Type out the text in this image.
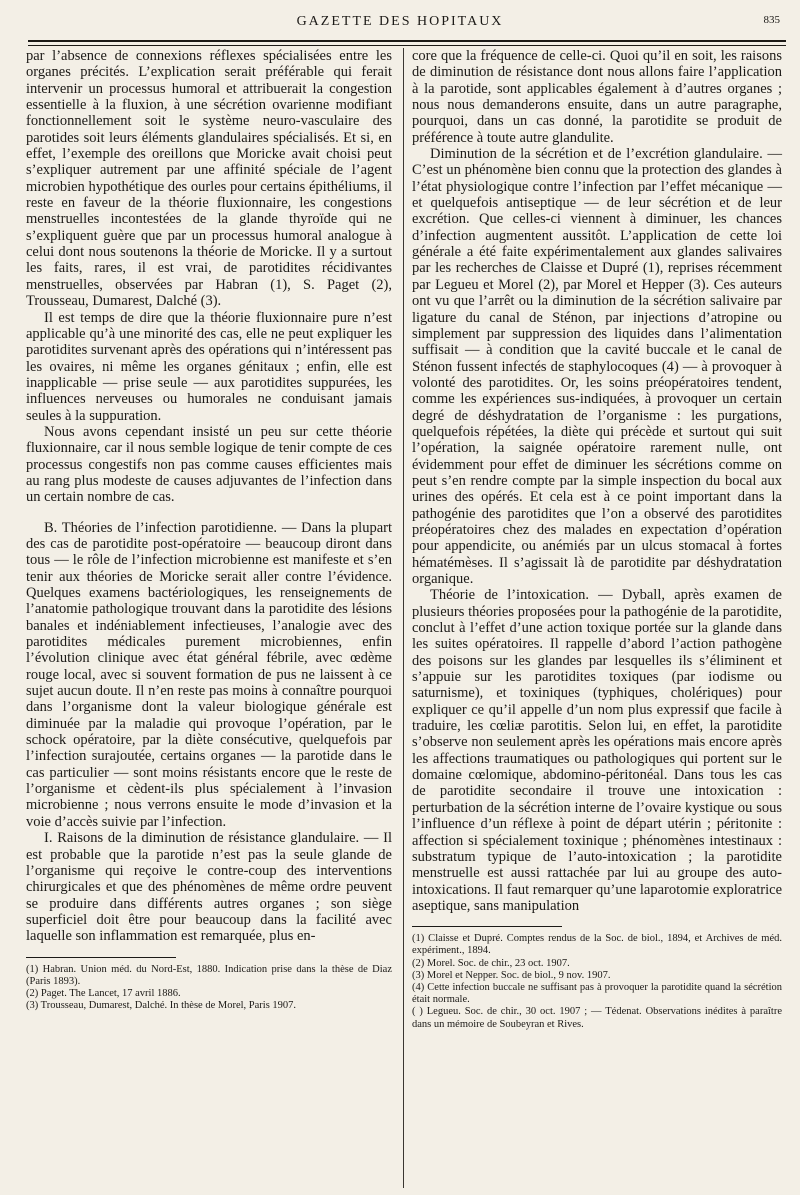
GAZETTE DES HOPITAUX	835

par l’absence de connexions réflexes spécialisées entre les organes précités. L’explication serait préférable qui ferait intervenir un processus humoral et attribuerait la congestion essentielle à la fluxion, à une sécrétion ovarienne modifiant fonctionnellement soit le système neuro-vasculaire des parotides soit leurs éléments glandulaires spécialisés. Et si, en effet, l’exemple des oreillons que Moricke avait choisi peut s’expliquer autrement par une affinité spéciale de l’agent microbien hypothétique des ourles pour certains épithéliums, il reste en faveur de la théorie fluxionnaire, les congestions menstruelles incontestées de la glande thyroïde qui ne s’expliquent guère que par un processus humoral analogue à celui dont nous soutenons la théorie de Moricke. Il y a surtout les faits, rares, il est vrai, de parotidites récidivantes menstruelles, observées par Habran (1), S. Paget (2), Trousseau, Dumarest, Dalché (3).

Il est temps de dire que la théorie fluxionnaire pure n’est applicable qu’à une minorité des cas, elle ne peut expliquer les parotidites survenant après des opérations qui n’intéressent pas les ovaires, ni même les organes génitaux ; enfin, elle est inapplicable — prise seule — aux parotidites suppurées, les influences nerveuses ou humorales ne conduisant jamais seules à la suppuration.

Nous avons cependant insisté un peu sur cette théorie fluxionnaire, car il nous semble logique de tenir compte de ces processus congestifs non pas comme causes efficientes mais au rang plus modeste de causes adjuvantes de l’infection dans un certain nombre de cas.

B. Théories de l’infection parotidienne. — Dans la plupart des cas de parotidite post-opératoire — beaucoup diront dans tous — le rôle de l’infection microbienne est manifeste et s’en tenir aux théories de Moricke serait aller contre l’évidence. Quelques examens bactériologiques, les renseignements de l’anatomie pathologique trouvant dans la parotidite des lésions banales et indéniablement infectieuses, l’analogie avec des parotidites médicales purement microbiennes, enfin l’évolution clinique avec état général fébrile, avec œdème rouge local, avec si souvent formation de pus ne laissent à ce sujet aucun doute. Il n’en reste pas moins à connaître pourquoi dans l’organisme dont la valeur biologique générale est diminuée par la maladie qui provoque l’opération, par le schock opératoire, par la diète consécutive, quelquefois par l’infection surajoutée, certains organes — la parotide dans le cas particulier — sont moins résistants encore que le reste de l’organisme et cèdent-ils plus spécialement à l’invasion microbienne ; nous verrons ensuite le mode d’invasion et la voie d’accès suivie par l’infection.

I. Raisons de la diminution de résistance glandulaire. — Il est probable que la parotide n’est pas la seule glande de l’organisme qui reçoive le contre-coup des interventions chirurgicales et que des phénomènes de même ordre peuvent se produire dans différents autres organes ; son siège superficiel doit être pour beaucoup dans la facilité avec laquelle son inflammation est remarquée, plus en-

(1) Habran. Union méd. du Nord-Est, 1880. Indication prise dans la thèse de Diaz (Paris 1893).
(2) Paget. The Lancet, 17 avril 1886.
(3) Trousseau, Dumarest, Dalché. In thèse de Morel, Paris 1907.

core que la fréquence de celle-ci. Quoi qu’il en soit, les raisons de diminution de résistance dont nous allons faire l’application à la parotide, sont applicables également à d’autres organes ; nous nous demanderons ensuite, dans un autre paragraphe, pourquoi, dans un cas donné, la parotidite se produit de préférence à toute autre glandulite.

Diminution de la sécrétion et de l’excrétion glandulaire. — C’est un phénomène bien connu que la protection des glandes à l’état physiologique contre l’infection par l’effet mécanique — et quelquefois antiseptique — de leur sécrétion et de leur excrétion. Que celles-ci viennent à diminuer, les chances d’infection augmentent aussitôt. L’application de cette loi générale a été faite expérimentalement aux glandes salivaires par les recherches de Claisse et Dupré (1), reprises récemment par Legueu et Morel (2), par Morel et Hepper (3). Ces auteurs ont vu que l’arrêt ou la diminution de la sécrétion salivaire par ligature du canal de Sténon, par injections d’atropine ou simplement par suppression des liquides dans l’alimentation suffisait — à condition que la cavité buccale et le canal de Sténon fussent infectés de staphylocoques (4) — à provoquer à volonté des parotidites. Or, les soins préopératoires tendent, comme les expériences sus-indiquées, à provoquer un certain degré de déshydratation de l’organisme : les purgations, quelquefois répétées, la diète qui précède et surtout qui suit l’opération, la saignée opératoire rarement nulle, ont évidemment pour effet de diminuer les sécrétions comme on peut s’en rendre compte par la simple inspection du bocal aux urines des opérés. Et cela est à ce point important dans la pathogénie des parotidites que l’on a observé des parotidites préopératoires chez des malades en expectation d’opération pour appendicite, ou anémiés par un ulcus stomacal à fortes hématémèses. Il s’agissait là de parotidite par déshydratation organique.

Théorie de l’intoxication. — Dyball, après examen de plusieurs théories proposées pour la pathogénie de la parotidite, conclut à l’effet d’une action toxique portée sur la glande dans les suites opératoires. Il rappelle d’abord l’action pathogène des poisons sur les glandes par lesquelles ils s’éliminent et s’appuie sur les parotidites toxiques (par iodisme ou saturnisme), et toxiniques (typhiques, cholériques) pour expliquer ce qu’il appelle d’un nom plus expressif que facile à traduire, les cœliæ parotitis. Selon lui, en effet, la parotidite s’observe non seulement après les opérations mais encore après les affections traumatiques ou pathologiques qui portent sur le domaine cœlomique, abdomino-péritonéal. Dans tous les cas de parotidite secondaire il trouve une intoxication : perturbation de la sécrétion interne de l’ovaire kystique ou sous l’influence d’un réflexe à point de départ utérin ; péritonite : affection si spécialement toxinique ; phénomènes intestinaux : substratum typique de l’auto-intoxication ; la parotidite menstruelle est aussi rattachée par lui au groupe des auto-intoxications. Il faut remarquer qu’une laparotomie exploratrice aseptique, sans manipulation

(1) Claisse et Dupré. Comptes rendus de la Soc. de biol., 1894, et Archives de méd. expériment., 1894.
(2) Morel. Soc. de chir., 23 oct. 1907.
(3) Morel et Nepper. Soc. de biol., 9 nov. 1907.
(4) Cette infection buccale ne suffisant pas à provoquer la parotidite quand la sécrétion était normale.
( ) Legueu. Soc. de chir., 30 oct. 1907 ; — Tédenat. Observations inédites à paraître dans un mémoire de Soubeyran et Rives.
